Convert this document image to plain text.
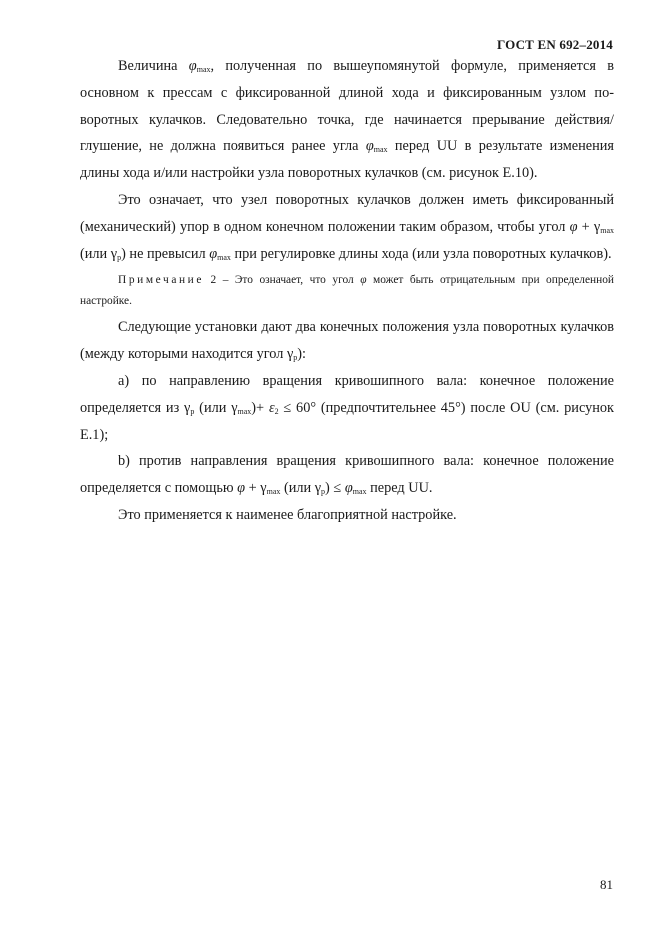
ГОСТ EN 692–2014

Величина $\varphi_{max}$, полученная по вышеупомянутой формуле, применяется в основном к прессам с фиксированной длиной хода и фиксированным узлом поворотных кулачков. Следовательно точка, где начинается прерывание действия/глушение, не должна появиться ранее угла $\varphi_{max}$ перед UU в результате изменения длины хода и/или настройки узла поворотных кулачков (см. рисунок Е.10).

Это означает, что узел поворотных кулачков должен иметь фиксированный (механический) упор в одном конечном положении таким образом, чтобы угол $\varphi + \gamma_{max}$ (или $\gamma_p$) не превысил $\varphi_{max}$ при регулировке длины хода (или узла поворотных кулачков).

Примечание 2 – Это означает, что угол φ может быть отрицательным при определенной настройке.

Следующие установки дают два конечных положения узла поворотных кулачков (между которыми находится угол $\gamma_p$):

a) по направлению вращения кривошипного вала: конечное положение определяется из $\gamma_p$ (или $\gamma_{max})+ \varepsilon_2 \le 60^\circ$ (предпочтительнее 45°) после OU (см. рисунок Е.1);

b) против направления вращения кривошипного вала: конечное положение определяется с помощью $\varphi + \gamma_{max}$ (или $\gamma_p) \le \varphi_{max}$ перед UU.

Это применяется к наименее благоприятной настройке.

81
